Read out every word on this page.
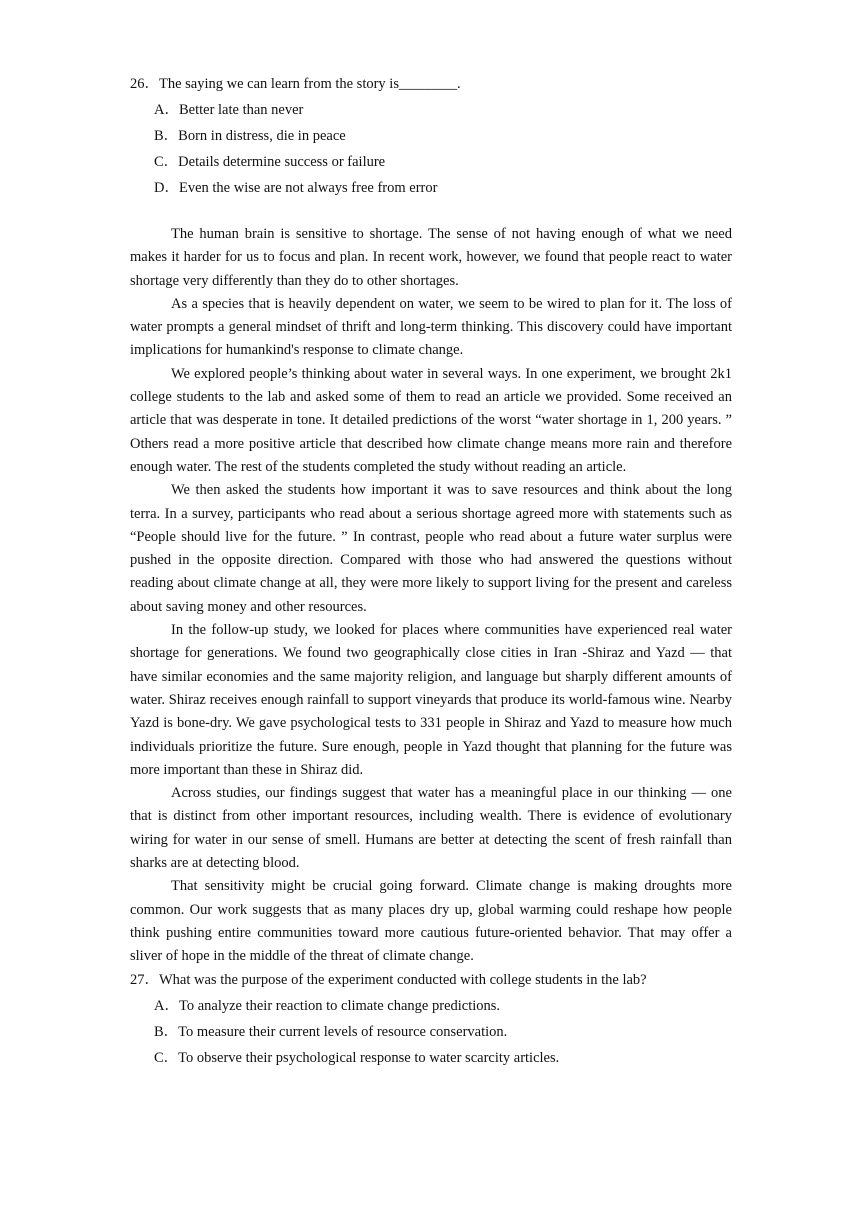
26．The saying we can learn from the story is________.
A．Better late than never
B．Born in distress, die in peace
C．Details determine success or failure
D．Even the wise are not always free from error

The human brain is sensitive to shortage. The sense of not having enough of what we need makes it harder for us to focus and plan. In recent work, however, we found that people react to water shortage very differently than they do to other shortages.

As a species that is heavily dependent on water, we seem to be wired to plan for it. The loss of water prompts a general mindset of thrift and long-term thinking. This discovery could have important implications for humankind's response to climate change.

We explored people’s thinking about water in several ways. In one experiment, we brought 2k1 college students to the lab and asked some of them to read an article we provided. Some received an article that was desperate in tone. It detailed predictions of the worst “water shortage in 1, 200 years. ” Others read a more positive article that described how climate change means more rain and therefore enough water. The rest of the students completed the study without reading an article.

We then asked the students how important it was to save resources and think about the long terra. In a survey, participants who read about a serious shortage agreed more with statements such as “People should live for the future. ” In contrast, people who read about a future water surplus were pushed in the opposite direction. Compared with those who had answered the questions without reading about climate change at all, they were more likely to support living for the present and careless about saving money and other resources.

In the follow-up study, we looked for places where communities have experienced real water shortage for generations. We found two geographically close cities in Iran -Shiraz and Yazd — that have similar economies and the same majority religion, and language but sharply different amounts of water. Shiraz receives enough rainfall to support vineyards that produce its world-famous wine. Nearby Yazd is bone-dry. We gave psychological tests to 331 people in Shiraz and Yazd to measure how much individuals prioritize the future. Sure enough, people in Yazd thought that planning for the future was more important than these in Shiraz did.

Across studies, our findings suggest that water has a meaningful place in our thinking — one that is distinct from other important resources, including wealth. There is evidence of evolutionary wiring for water in our sense of smell. Humans are better at detecting the scent of fresh rainfall than sharks are at detecting blood.

That sensitivity might be crucial going forward. Climate change is making droughts more common. Our work suggests that as many places dry up, global warming could reshape how people think pushing entire communities toward more cautious future-oriented behavior. That may offer a sliver of hope in the middle of the threat of climate change.

27．What was the purpose of the experiment conducted with college students in the lab?
A．To analyze their reaction to climate change predictions.
B．To measure their current levels of resource conservation.
C．To observe their psychological response to water scarcity articles.
